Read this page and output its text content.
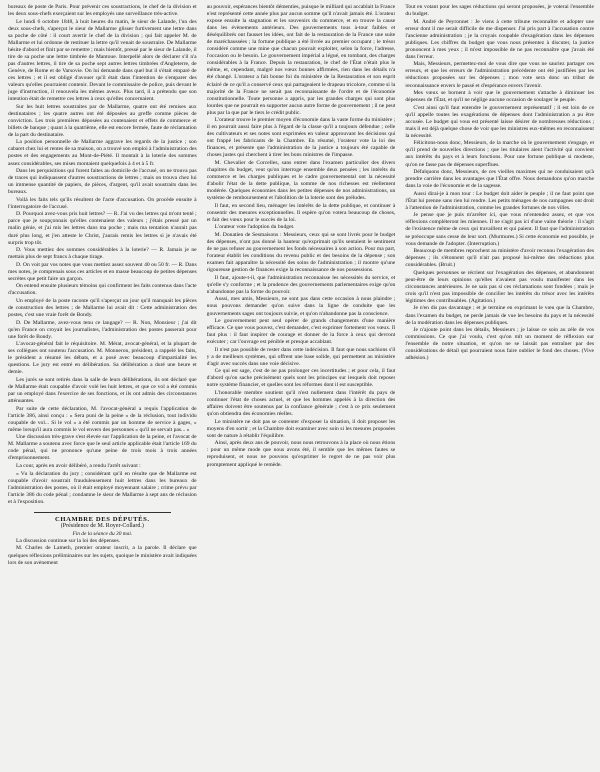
bureaux de poste de Paris. Pour prévenir ces soustractions, le chef de la division et les deux sous-chefs exerçaient sur les employés une surveillance très-active.

Le lundi 6 octobre 1848, à huit heures du matin, le sieur de Lalande, l'un des deux sous-chefs, s'aperçut le sieur de Mallarme glisser furtivement une lettre dans sa poche de côté : il court avertir le chef de la division ; qui fait appeler M. de Mallarme et lui ordonne de restituer la lettre qu'il venait de soustraire. De Mallarme hésite d'abord et finit par se remettre ; mais bientôt, pressé par le sieur de Lalande, il tire de sa poche une lettre timbrée de Mantoue. Interpellé alors de déclarer s'il n'a pas d'autres lettres, il tire de sa poche sept autres lettres timbrées d'Angleterre, de Genève, de Rome et de Varsovie. On lui demande dans quel but il s'était emparé de ces lettres ; et il est obligé d'avouer qu'il était dans l'intention de s'emparer des valeurs qu'elles pourraient contenir. Devant le commissaire de police, puis devant le juge d'instruction, il renouvela les mêmes aveux. Plus tard, il a prétendu que son intention était de remettre ces lettres à ceux qu'elles concernaient.

Sur les huit lettres soustraites par de Mallarme, quatre ont été remises aux destinataires ; les quatre autres ont été déposées au greffe comme pièces de conviction. Les trois premières déposées au contenaient et effets de commerce et billets de banque ; quant à la quatrième, elle est encore fermée, faute de réclamation de la part du destinataire.

La position personnelle de Mallarme aggrave les regards de la justice ; son cabaret chez lui et rentes de sa maison, on a trouvé son emploi à l'administration des postes et des engagements au Mont-de-Piété. Il montait à la loterie des sommes assez considérables, ses mises montaient quelquefois à 4 et à 5 fr.

Dans les perquisitions qui furent faites au domicile de l'accusé, on ne trouva pas de traces qui indiquassent d'autres soustractions de lettres ; mais on trouva chez lui un immense quantité de papiers, de pièces, d'argent, qu'il avait soustraits dans les bureaux.

Voilà les faits tels qu'ils résultent de l'acte d'accusation. On procède ensuite à l'interrogatoire de l'accusé.

D. Pourquoi avez-vous pris huit lettres? — R. J'ai vu des lettres qui m'ont tenté ; parce que je soupçonnais qu'elles contenaient des valeurs ; j'étais pressé par un malin génie, et j'ai mis les lettres dans ma poche ; mais ma tentation n'aurait pas duré plus long, et j'en atteste le Christ, j'aurais remis les lettres si je n'avais été surpris trop tôt.

D. Vous mettiez des sommes considérables à la loterie? — R. Jamais je ne mettais plus de sept francs à chaque tirage.

D. On voit par vos notes que vous mettiez assez souvent 40 ou 50 fr. — R. Dans mes notes, je comprenais sous ces articles et en masse beaucoup de petites dépenses secrètes que petit faire un garçon.

On entend ensuite plusieurs témoins qui confirment les faits contenus dans l'acte d'accusation.

Un employé de la poste raconte qu'il s'aperçut un jour qu'il manquait les pièces de construction des lettres ; de Mallarme lui avait dit : Cette administration des postes, c'est une vraie forêt de Bondy.

D. De Mallarme, avez-vous tenu ce langage? — R. Non, Monsieur ; j'ai dit qu'en France on croyait les journalistes, l'administration des postes passerait pour une forêt de Bondy.

L'avocat-général fait le réquisitoire. M. Mérat, avocat-général, et la plupart de ses collègues ont soutenu l'accusation. M. Monneron, président, a rappelé les faits, le président a résumé les débats, et a posé avec beaucoup d'impartialité les questions. Le jury est entré en délibération. Sa délibération a duré une heure et demie.

Les jurés se sont retirés dans la salle de leurs délibérations, ils ont déclaré que de Mallarme était coupable d'avoir volé les huit lettres, et que ce vol a été commis par un employé dans l'exercice de ses fonctions, et ils ont admis des circonstances atténuantes.

Par suite de cette déclaration, M. l'avocat-général a requis l'application de l'article 386, ainsi conçu : « Sera puni de la peine » de la réclusion, tout individu coupable de vol... Si le vol » a été commis par un homme de service à gages, » même lorsqu'il aura commis le vol envers des personnes » qu'il ne servait pas... »

Une discussion très-grave s'est élevée sur l'application de la peine, et l'avocat de M. Mallarme a soutenu avec force que le seul article applicable était l'article 169 du code pénal, qui ne prononce qu'une peine de trois mois à trois années d'emprisonnement.

La cour, après en avoir délibéré, a rendu l'arrêt suivant :

« Vu la déclaration du jury ; considérant qu'il en résulte que de Mallarme est coupable d'avoir soustrait frauduleusement huit lettres dans les bureaux de l'administration des postes, où il était employé moyennant salaire ; crime prévu par l'article 386 du code pénal ; condamne le sieur de Mallarme à sept ans de réclusion et à l'exposition.

CHAMBRE DES DÉPUTÉS.

(Présidence de M. Royer-Collard.)

Fin de la séance du 30 mai.

La discussion continue sur la loi des dépenses.

M. Charles de Lameth, premier orateur inscrit, a la parole. Il déclare que quelques réflexions préliminaires sur les sujets, quoique le ministère avait indiquées lors de son avènement

au pouvoir, espérances bientôt démenties, puisque le milliard qui accablait la France n'est représenté cette année plus par aucun somme qu'il n'avait jamais été. L'orateur expose ensuite la stagnation et les souvenirs du commerce, et en trouve la cause dans les évènements antérieurs. Des gouvernements tous à-tour faibles et déséquilibrés ont fausset les idées, ont fait de la restauration de la France une suite de maréchaussées ; la fortune publique a été livrée au premier occupant ; le trésor considéré comme une mine que chacun pouvait exploiter, selon la force, l'adresse, l'occasion ou le besoin. Le gouvernement impérial a légué, en tombant, des charges considérables à la France. Depuis la restauration, le chef de l'État n'était plus le même, et, cependant, malgré nos vœux bonnes affirmées, rien dans les détails n'a été changé. L'orateur a fait bonne foi du ministère de la Restauration et son esprit éclairé de ce qu'il a conservé ceux qui partageaient le drapeau tricolore, comme si la majorité de la France ne serait pas reconnaissante de l'ordre et de l'économie constitutionnelle. Toute personne a appris, par les grandes charges qui sont plus lourdes que ne pourrait en supporter aucun autre forme de gouvernement ; il ne peut plus par la que par le tiers le crédit public.

L'orateur trouve le premier moyen d'économie dans la vaste forme du ministère ; il en pourrait aussi faire plus à l'égard de la classe qu'il a toujours défendue ; celle des cultivateurs et ses notes sont exprimées en valeur approuvant les décisions qui ont frappé les fabricants de la Chambre. En résumé, l'orateur vote la loi des finances, et présente que l'administration de la justice a toujours été capable de choses justes qui cherchent à tirer les bons ministres de l'impasse.

M. Chevalier de Corcelles, sans entrer dans l'examen particulier des divers chapitres du budget, veut qu'on interroge ensemble deux pensées ; les intérêts du commerce et les charges publiques et le cadre gouvernemental ont la nécessité d'abolir l'état de la dette publique, la somme de nos richesses est réellement modérée. Quelques économies dans les petites dépenses de nos administrations, un système de remboursement et l'abolition de la loterie sont des préludes.

Il faut, en second lieu, ménager les intérêts de la dette publique, et continuer à consentir des mesures exceptionnelles. Il espère qu'on votera beaucoup de choses, et fait des vœux pour le succès de la loi.

L'orateur vote l'adoption du budget.

M. Donatien de Sesmaisons : Messieurs, ceux qui se sont livrés pour le budget des dépenses, n'ont pas donné la hauteur qu'exprimait qu'ils sentaient le sentiment de ne pas refuser au gouvernement les fonds nécessaires à son action. Pour ma part, l'orateur établit les conditions du revenu public et des besoins de la dépense ; son examen fait apparaître la nécessité des soins de l'administration ; il montre qu'une rigoureuse gestion de finances exige la reconnaissance de nos possessions.

Il faut, ajoute-t-il, que l'administration reconnaisse les nécessités du service, et qu'elle s'y conforme ; et la prudence des gouvernements parlementaires exige qu'on n'abandonne pas la forme du pouvoir.

Aussi, mes amis, Messieurs, ne sont pas dans cette occasion à nous plaindre ; nous pouvons demander qu'on suive dans la ligne de conduite que les gouvernements sages ont toujours suivie, et qu'on n'abandonne pas la conscience.

Le gouvernement peut seul opérer de grands changements d'une manière efficace. Ce que vous pouvez, c'est demander, c'est exprimer fortement vos vœux. Il faut plus : il faut inspirer de courage et donner de la force à ceux qui devront exécuter ; car l'ouvrage est pénible et presque accablant.

Il n'est pas possible de rester dans cette indécision. Il faut que nous sachions s'il y a de meilleurs systèmes, qui offrent une base solide, qui permettent au ministère d'agir avec succès dans une voie décisive.

Ce qui est sage, c'est de ne pas prolonger ces incertitudes ; et pour cela, il faut d'abord qu'on sache précisément quels sont les principes sur lesquels doit reposer notre système financier, et quelles sont les réformes dont il est susceptible.

L'honorable membre soutient qu'il n'est nullement dans l'intérêt du pays de continuer l'état de choses actuel, et que les hommes appelés à la direction des affaires doivent être soutenus par la confiance générale ; c'est à ce prix seulement qu'on obtiendra des économies réelles.

Le ministère ne doit pas se contenter d'exposer la situation, il doit proposer les moyens d'en sortir ; et la Chambre doit examiner avec soin si les mesures proposées sont de nature à rétablir l'équilibre.

Ainsi, après deux ans de pouvoir, nous nous retrouvons à la place où nous étions : pour un même mode que nous avons été, il semble que les mêmes fautes se reproduisent, et nous ne pouvons qu'exprimer le regret de ne pas voir plus promptement appliqué le remède.

Tout en votant pour les sages réductions qui seront proposées, je voterai l'ensemble du budget.

M. André de Peyronnet : Je viens à cette tribune reconnaître et adopter une erreur dont il me serait difficile de me dispenser. J'ai pris part à l'accusation contre l'ancienne administration ; je la croyais coupable d'exagération dans les dépenses publiques. Les chiffres du budget que vous nous présentez à discuter, la justice prononcent à mes yeux ; il m'est impossible de ne pas reconnaître que j'avais été dans l'erreur.

Mais, Messieurs, permettez-moi de vous dire que vous ne sauriez partager ces erreurs, et que les erreurs de l'administration précédente ont été justifiées par les réductions proposées sur les dépenses ; mon vote sera donc un tribut de reconnaissance envers le passé et d'espérance envers l'avenir.

Mes vœux se bornent à voir que le gouvernement s'attache à diminuer les dépenses de l'État, et qu'il ne néglige aucune occasion de soulager le peuple.

C'est ainsi qu'il faut entendre le gouvernement représentatif ; il est loin de ce qu'il appelle toutes les exagérations de dépenses dont l'administration a pu être accusée. Le budget qui vous est présenté laisse désirer de nombreuses réductions ; mais il est déjà quelque chose de voir que les ministres eux-mêmes en reconnaissent la nécessité.

Félicitons-nous donc, Messieurs, de la marche où le gouvernement s'engage, et qu'il prend de nouvelles directions ; que les titulaires aient l'activité qui convient aux intérêts du pays et à leurs fonctions. Pour une fortune publique si modeste, qu'on ne fasse pas de dépenses superflues.

Défalquons donc, Messieurs, de ces vieilles maximes qui ne conduisaient qu'à prendre carrière dans les avantages que l'État offre. Nous demandons qu'on marche dans la voie de l'économie et de la sagesse.

Aussi dirai-je à mon tour : Le budget doit aider le peuple ; il ne faut point que l'État lui prenne sans rien lui rendre. Les petits ménages de nos campagnes ont droit à l'attention de l'administration, comme les grandes fortunes de nos villes.

Je pense que je puis m'arrêter ici, que vous m'entendez assez, et que vos réflexions compléteront les miennes. Il ne s'agit pas ici d'une vaine théorie : il s'agit de l'existence même de ceux qui travaillent et qui paient. Il faut que l'administration se préoccupe sans cesse de leur sort. (Murmures.) Si cette économie est possible, je vous demande de l'adopter. (Interruption.)

Beaucoup de membres reprochent au ministère d'avoir reconnu l'exagération des dépenses ; ils s'étonnent qu'il n'ait pas proposé lui-même des réductions plus considérables. (Bruit.)

Quelques personnes se récrient sur l'exagération des dépenses, et abandonnent peut-être de leurs opinions qu'elles n'avaient pas voulu manifester dans les circonstances antérieures. Je ne sais pas si ces réclamations sont fondées ; mais je crois qu'il n'est pas impossible de concilier les intérêts du trésor avec les intérêts légitimes des contribuables. (Agitation.)

Je n'en dis pas davantage ; et je termine en exprimant le vœu que la Chambre, dans l'examen du budget, ne perde jamais de vue les besoins du pays et la nécessité de la modération dans les dépenses publiques.

Je n'ajoute point dans les détails, Messieurs ; je laisse ce soin au zèle de vos commissions. Ce que j'ai voulu, c'est qu'on mît un moment de réflexion sur l'ensemble de notre situation, et qu'on ne se laissât pas entraîner par des considérations de détail qui pourraient nous faire oublier le fond des choses. (Vive adhésion.)
